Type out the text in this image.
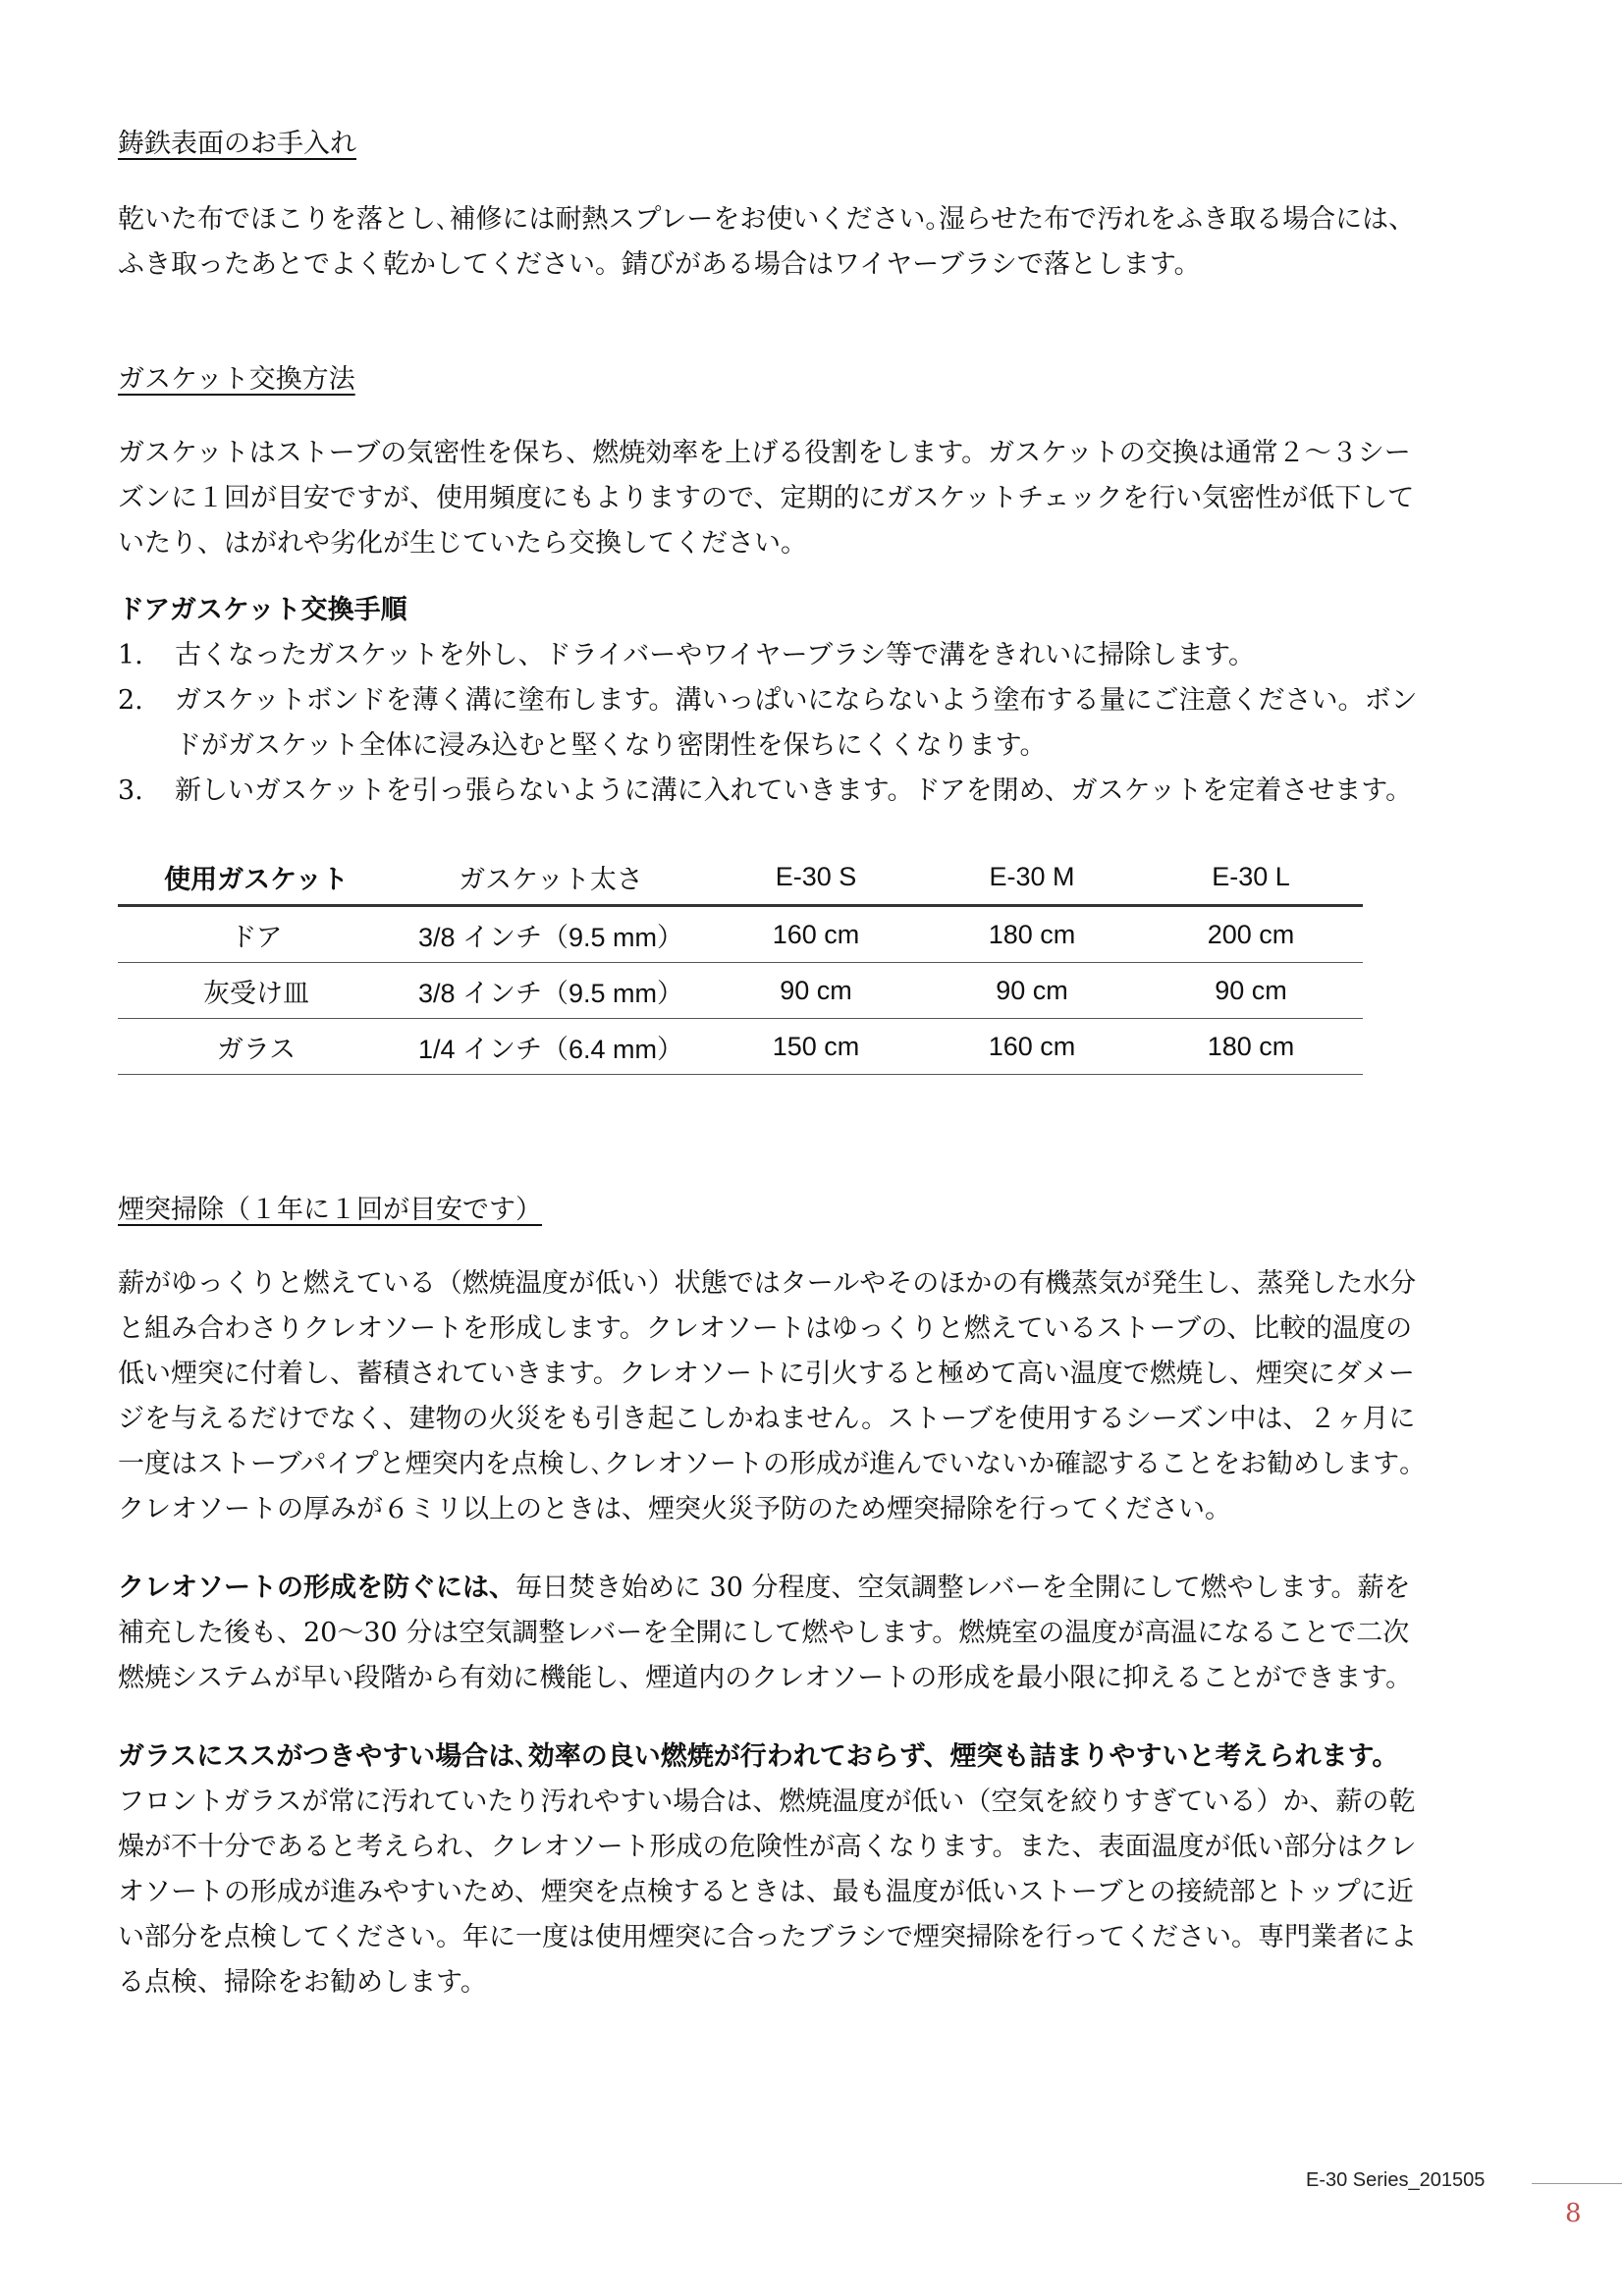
鋳鉄表面のお手入れ

乾いた布でほこりを落とし､補修には耐熱スプレーをお使いください｡湿らせた布で汚れをふき取る場合には、

ふき取ったあとでよく乾かしてください。錆びがある場合はワイヤーブラシで落とします。

ガスケット交換方法

ガスケットはストーブの気密性を保ち、燃焼効率を上げる役割をします。ガスケットの交換は通常２～３シー

ズンに１回が目安ですが、使用頻度にもよりますので、定期的にガスケットチェックを行い気密性が低下して

いたり、はがれや劣化が生じていたら交換してください。

ドアガスケット交換手順

1. 古くなったガスケットを外し、ドライバーやワイヤーブラシ等で溝をきれいに掃除します。
2. ガスケットボンドを薄く溝に塗布します。溝いっぱいにならないよう塗布する量にご注意ください。ボン
ドがガスケット全体に浸み込むと堅くなり密閉性を保ちにくくなります。
3. 新しいガスケットを引っ張らないように溝に入れていきます。ドアを閉め、ガスケットを定着させます。
使用ガスケット	ガスケット太さ	E-30 S	E-30 M	E-30 L
ドア	3/8 インチ（9.5 mm）	160 cm	180 cm	200 cm
灰受け皿	3/8 インチ（9.5 mm）	90 cm	90 cm	90 cm
ガラス	1/4 インチ（6.4 mm）	150 cm	160 cm	180 cm
煙突掃除（１年に１回が目安です）

薪がゆっくりと燃えている（燃焼温度が低い）状態ではタールやそのほかの有機蒸気が発生し、蒸発した水分

と組み合わさりクレオソートを形成します。クレオソートはゆっくりと燃えているストーブの、比較的温度の

低い煙突に付着し、蓄積されていきます。クレオソートに引火すると極めて高い温度で燃焼し、煙突にダメー

ジを与えるだけでなく、建物の火災をも引き起こしかねません。ストーブを使用するシーズン中は、２ヶ月に

一度はストーブパイプと煙突内を点検し､クレオソートの形成が進んでいないか確認することをお勧めします｡

クレオソートの厚みが６ミリ以上のときは、煙突火災予防のため煙突掃除を行ってください。

クレオソートの形成を防ぐには、毎日焚き始めに 30 分程度、空気調整レバーを全開にして燃やします。薪を

補充した後も、20〜30 分は空気調整レバーを全開にして燃やします。燃焼室の温度が高温になることで二次

燃焼システムが早い段階から有効に機能し、煙道内のクレオソートの形成を最小限に抑えることができます。

ガラスにススがつきやすい場合は､効率の良い燃焼が行われておらず、煙突も詰まりやすいと考えられます。

フロントガラスが常に汚れていたり汚れやすい場合は、燃焼温度が低い（空気を絞りすぎている）か、薪の乾

燥が不十分であると考えられ、クレオソート形成の危険性が高くなります。また、表面温度が低い部分はクレ

オソートの形成が進みやすいため、煙突を点検するときは、最も温度が低いストーブとの接続部とトップに近

い部分を点検してください。年に一度は使用煙突に合ったブラシで煙突掃除を行ってください。専門業者によ

る点検、掃除をお勧めします。

E-30 Series_201505
8
